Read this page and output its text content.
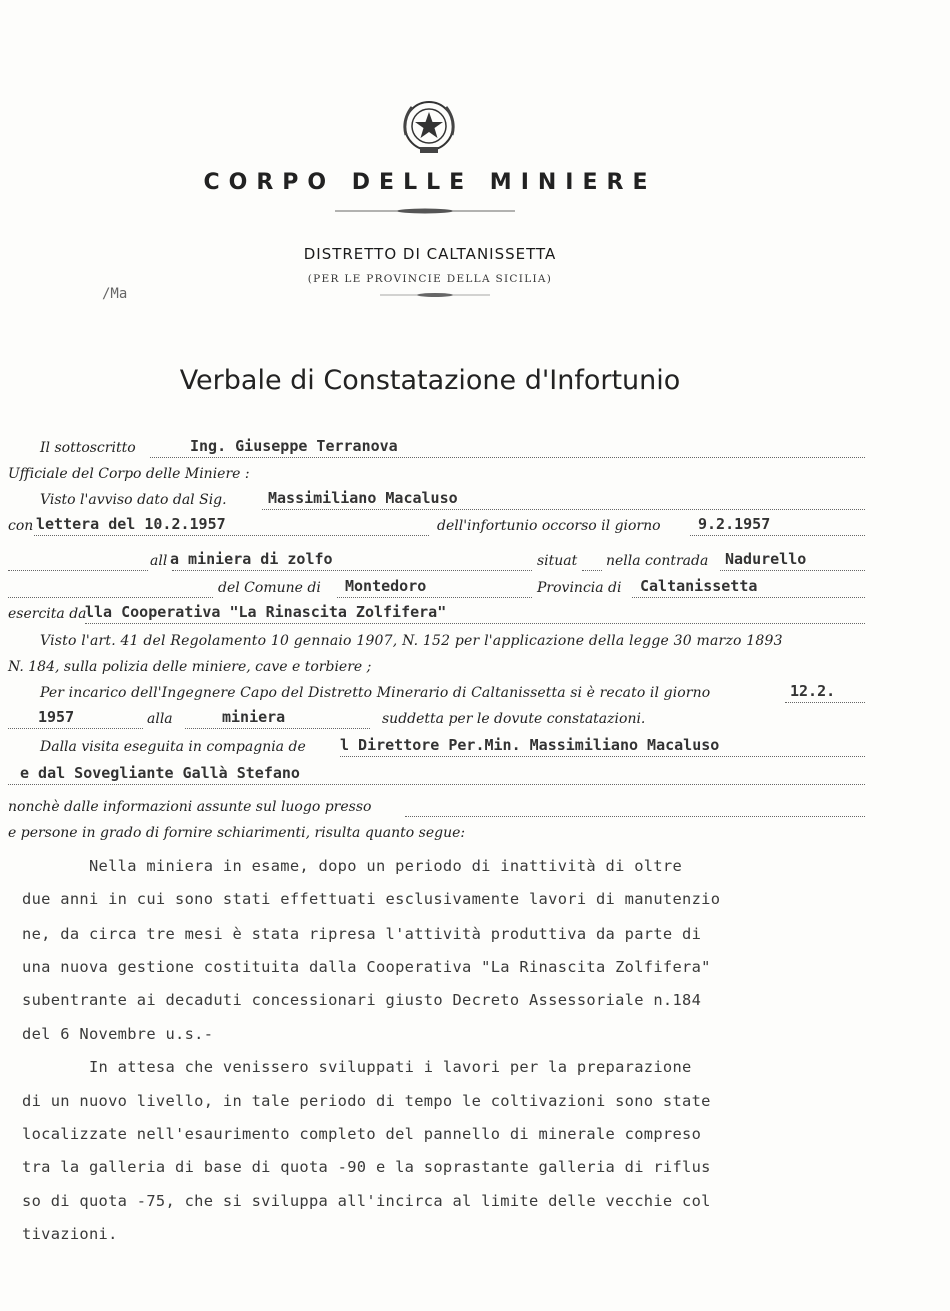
CORPO DELLE MINIERE
DISTRETTO DI CALTANISSETTA
(PER LE PROVINCIE DELLA SICILIA)
/Ma
Verbale di Constatazione d'Infortunio
Il sottoscritto	Ing. Giuseppe Terranova
Ufficiale del Corpo delle Miniere :
Visto l'avviso dato dal Sig.	Massimiliano Macaluso
con lettera del 10.2.1957	dell'infortunio occorso il giorno 9.2.1957
all a miniera di zolfo	situat nella contrada Nadurello
del Comune di Montedoro	Provincia di Caltanissetta
esercita da
lla Cooperativa "La Rinascita Zolfifera"
Visto l'art. 41 del Regolamento 10 gennaio 1907, N. 152 per l'applicazione della legge 30 marzo 1893
N. 184, sulla polizia delle miniere, cave e torbiere ;
Per incarico dell'Ingegnere Capo del Distretto Minerario di Caltanissetta si è recato il giorno	12.2.
1957	alla	miniera	suddetta per le dovute constatazioni.
Dalla visita eseguita in compagnia de l Direttore Per.Min. Massimiliano Macaluso
e dal Sovegliante Gallà Stefano
nonchè dalle informazioni assunte sul luogo presso
e persone in grado di fornire schiarimenti, risulta quanto segue:
Nella miniera in esame, dopo un periodo di inattività di oltre
due anni in cui sono stati effettuati esclusivamente lavori di manutenzio
ne, da circa tre mesi è stata ripresa l'attività produttiva da parte di
una nuova gestione costituita dalla Cooperativa "La Rinascita Zolfifera"
subentrante ai decaduti concessionari giusto Decreto Assessoriale n.184
del 6 Novembre u.s.-
In attesa che venissero sviluppati i lavori per la preparazione
di un nuovo livello, in tale periodo di tempo le coltivazioni sono state
localizzate nell'esaurimento completo del pannello di minerale compreso
tra la galleria di base di quota -90 e la soprastante galleria di riflus
so di quota -75, che si sviluppa all'incirca al limite delle vecchie col
tivazioni.
